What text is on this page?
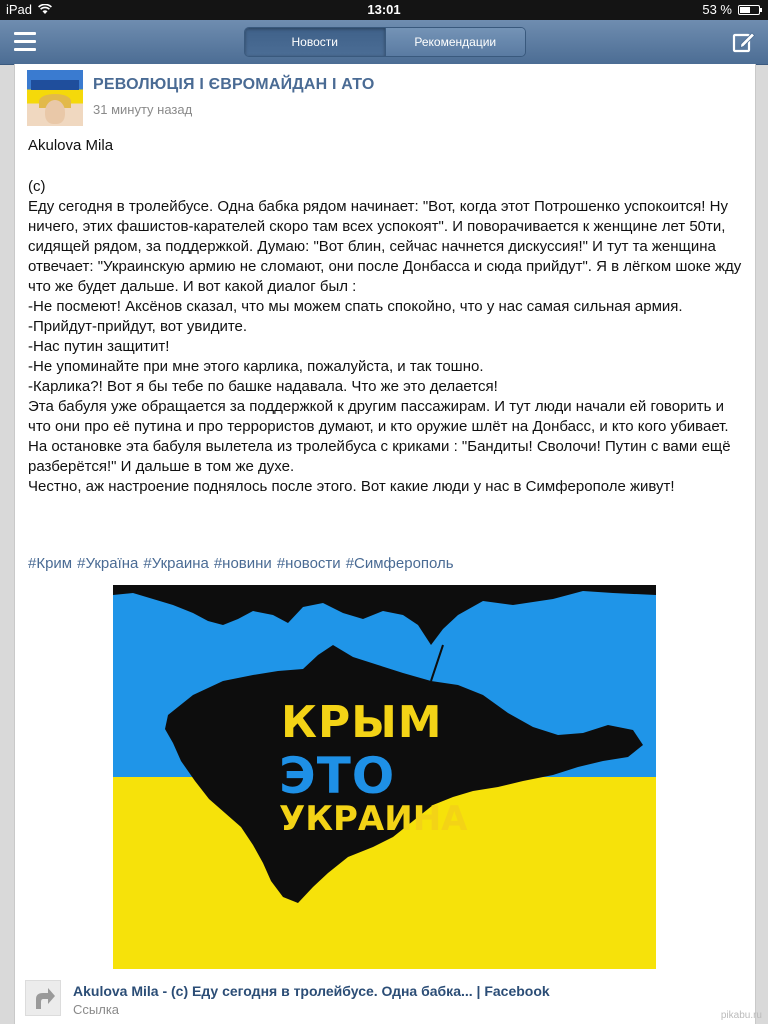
iPad	13:01	53 %
Новости	Рекомендации
РЕВОЛЮЦІЯ І ЄВРОМАЙДАН І АТО
31 минуту назад
Akulova Mila
(c)
Еду сегодня в тролейбусе. Одна бабка рядом начинает: "Вот, когда этот Потрошенко успокоится! Ну ничего, этих фашистов-карателей скоро там всех успокоят". И поворачивается к женщине лет 50ти, сидящей рядом, за поддержкой. Думаю: "Вот блин, сейчас начнется дискуссия!" И тут та женщина отвечает: "Украинскую армию не сломают, они после Донбасса и сюда прийдут". Я в лёгком шоке жду что же будет дальше. И вот какой диалог был :
-Не посмеют! Аксёнов сказал, что мы можем спать спокойно, что у нас самая сильная армия.
-Прийдут-прийдут, вот увидите.
-Нас путин защитит!
-Не упоминайте при мне этого карлика, пожалуйста, и так тошно.
-Карлика?! Вот я бы тебе по башке надавала. Что же это делается!
Эта бабуля уже обращается за поддержкой к другим пассажирам. И тут люди начали ей говорить и что они про её путина и про террористов думают, и кто оружие шлёт на Донбасс, и кто кого убивает.
На остановке эта бабуля вылетела из тролейбуса с криками : "Бандиты! Сволочи! Путин с вами ещё разберётся!" И дальше в том же духе.
Честно, аж настроение поднялось после этого. Вот какие люди у нас в Симферополе живут!
#Крим #Україна #Украина #новини #новости #Симферополь
КРЫМ
ЭТО
УКРАИНА
Akulova Mila - (c) Еду сегодня в тролейбусе. Одна бабка... | Facebook
Ссылка	pikabu.ru
